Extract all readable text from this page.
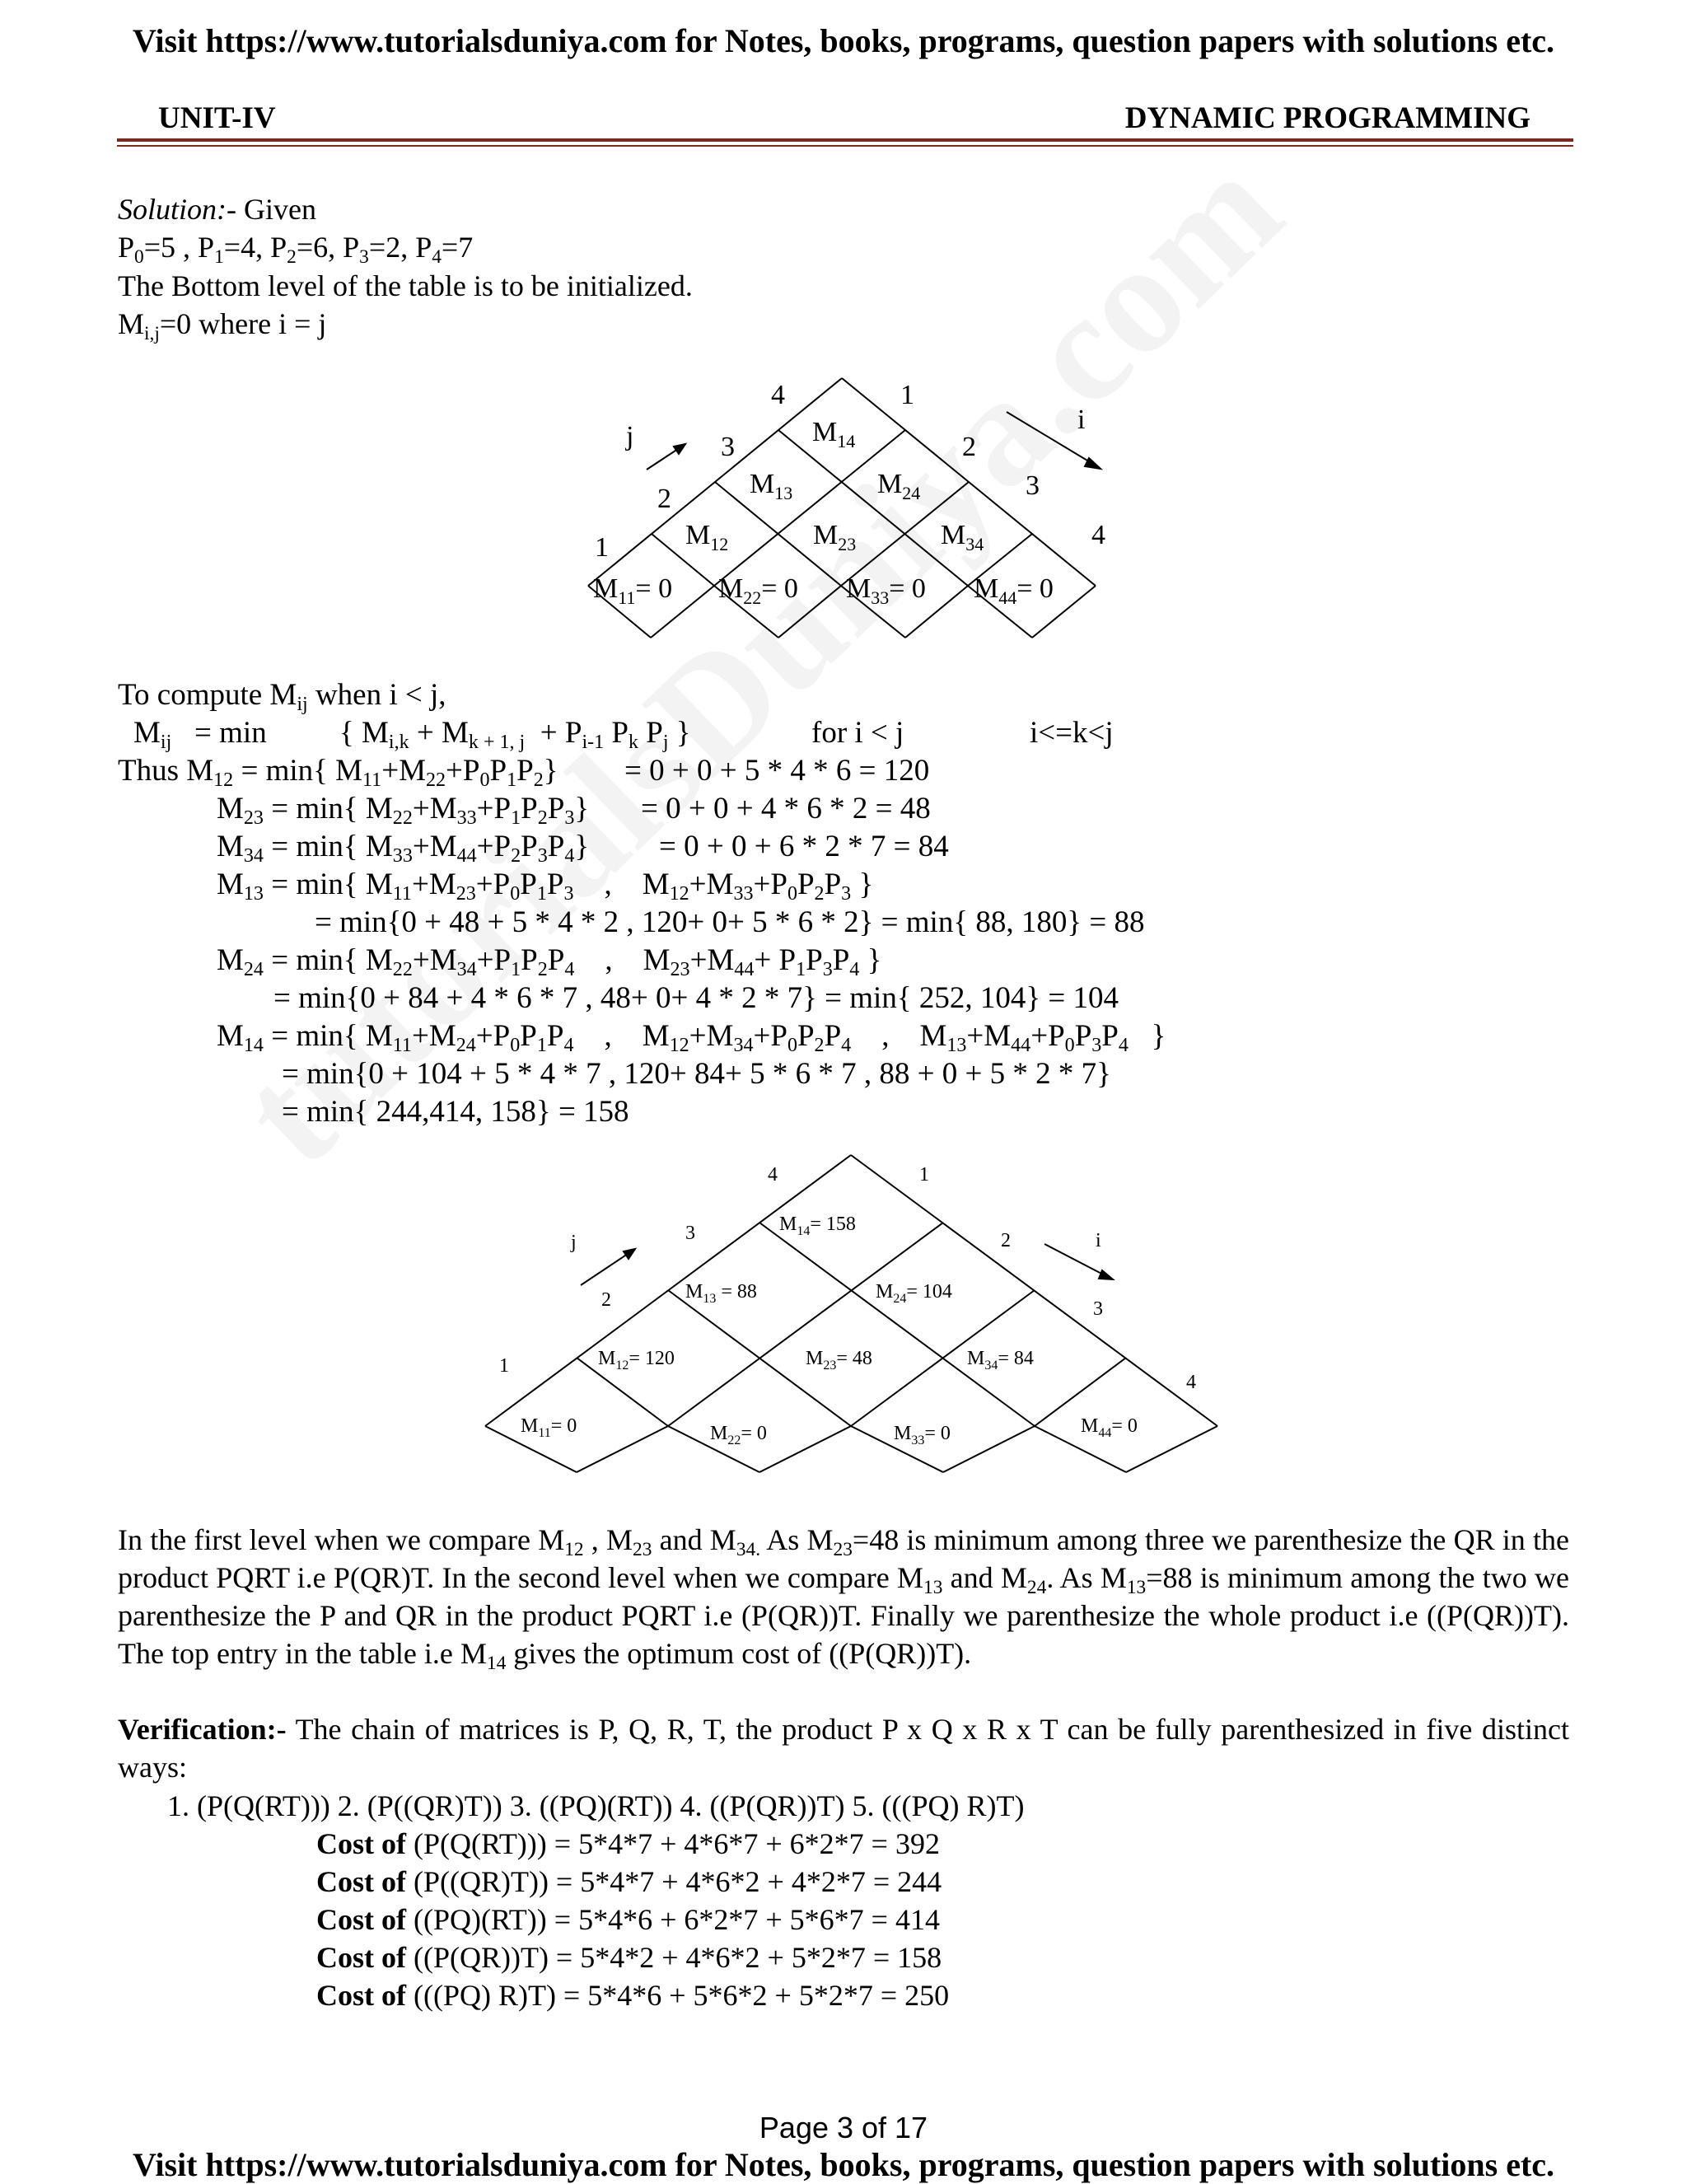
Visit https://www.tutorialsduniya.com for Notes, books, programs, question papers with solutions etc.
UNIT-IV	DYNAMIC PROGRAMMING
Solution:- Given
$P_0=5$ , $P_1=4$, $P_2=6$, $P_3=2$, $P_4=7$
The Bottom level of the table is to be initialized.
$M_{i,j}=0$ where i = j
1
2
3
4	1
2
3
4
j
i
$M_{11}= 0$ $M_{22}= 0$ $M_{33}= 0$ $M_{44}= 0$
$M_{12}$	$M_{23}$	$M_{34}$
$M_{13}$	$M_{24}$
$M_{14}$
To compute $M_{ij}$ when i < j,
$M_{ij} = \min$ { $M_{i,k} + M_{k + 1, j} + P_{i-1}$ $P_k$ $P_j$ }	for i < j	i<=k<j
Thus $M_{12} = \min${ $M_{11}+M_{22}+P_0P_1P_2\} = 0 + 0 + 5 * 4 * 6 = 120$
$M_{23} = \min${ $M_{22}+M_{33}+P_1P_2P_3\} = 0 + 0 + 4 * 6 * 2 = 48$
$M_{34} = \min${ $M_{33}+M_{44}+P_2P_3P_4\} = 0 + 0 + 6 * 2 * 7 = 84$
$M_{13} = \min${ $M_{11}+M_{23}+P_0P_1P_3$    ,    $M_{12}+M_{33}+P_0P_2P_3$ }
= min{0 + 48 + 5 * 4 * 2 , 120+ 0+ 5 * 6 * 2} = min{ 88, 180} = 88
$M_{24} = \min${ $M_{22}+M_{34}+P_1P_2P_4$    ,    $M_{23}+M_{44}+ P_1P_3P_4$ }
= min{0 + 84 + 4 * 6 * 7 , 48+ 0+ 4 * 2 * 7} = min{ 252, 104} = 104
$M_{14} = \min${ $M_{11}+M_{24}+P_0P_1P_4$    ,    $M_{12}+M_{34}+P_0P_2P_4$    ,    $M_{13}+M_{44}+P_0P_3P_4$   }
= min{0 + 104 + 5 * 4 * 7 , 120+ 84+ 5 * 6 * 7 , 88 + 0 + 5 * 2 * 7}
= min{ 244,414, 158} = 158
1
2
3
4	1
2
3
4
j	i
$M_{11}= 0$	$M_{22}= 0$	$M_{33}= 0$	$M_{44}= 0$
$M_{12}= 120$	$M_{23}= 48$	$M_{34}= 84$
$M_{13} = 88$	$M_{24}= 104$
$M_{14}= 158$
In the first level when we compare $M_{12}$ , $M_{23}$ and $M_{34.}$ As $M_{23}=48$ is minimum among three we parenthesize the QR in the product PQRT i.e P(QR)T. In the second level when we compare $M_{13}$ and $M_{24}$. As $M_{13}=88$ is minimum among the two we parenthesize the P and QR in the product PQRT i.e (P(QR))T. Finally we parenthesize the whole product i.e ((P(QR))T). The top entry in the table i.e $M_{14}$ gives the optimum cost of ((P(QR))T).
Verification:- The chain of matrices is P, Q, R, T, the product P x Q x R x T can be fully parenthesized in five distinct ways:
1. (P(Q(RT))) 2. (P((QR)T)) 3. ((PQ)(RT)) 4. ((P(QR))T) 5. (((PQ) R)T)
Cost of (P(Q(RT))) = 5*4*7 + 4*6*7 + 6*2*7 = 392
Cost of (P((QR)T)) = 5*4*7 + 4*6*2 + 4*2*7 = 244
Cost of ((PQ)(RT)) = 5*4*6 + 6*2*7 + 5*6*7 = 414
Cost of ((P(QR))T) = 5*4*2 + 4*6*2 + 5*2*7 = 158
Cost of (((PQ) R)T) = 5*4*6 + 5*6*2 + 5*2*7 = 250
Page 3 of 17
Visit https://www.tutorialsduniya.com for Notes, books, programs, question papers with solutions etc.
